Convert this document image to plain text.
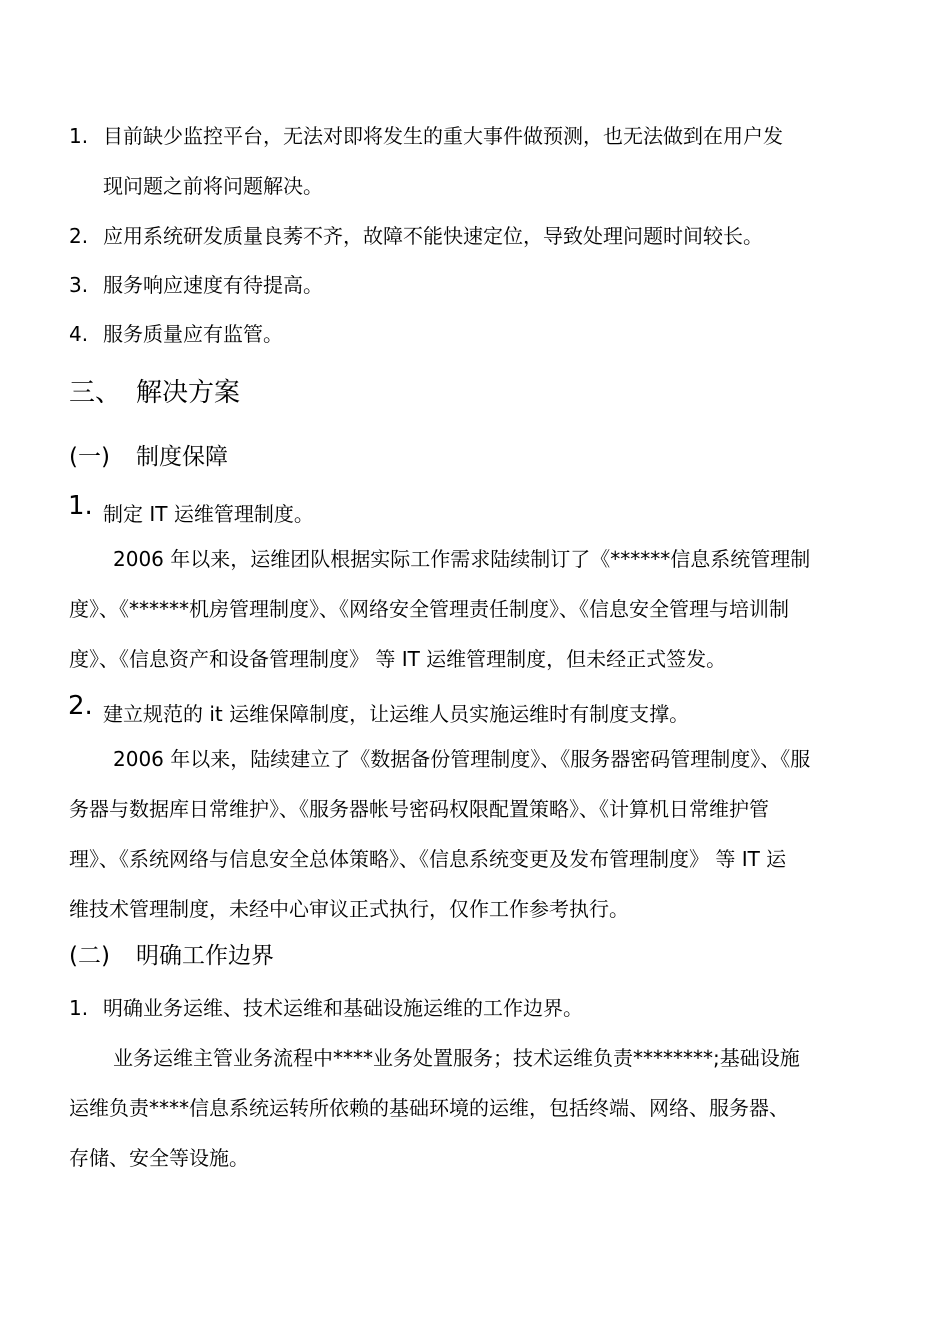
1. 目前缺少监控平台，无法对即将发生的重大事件做预测，也无法做到在用户发
现问题之前将问题解决。
2. 应用系统研发质量良莠不齐，故障不能快速定位，导致处理问题时间较长。
3. 服务响应速度有待提高。
4. 服务质量应有监管。
三、 解决方案
(一) 制度保障
1. 制定 IT 运维管理制度。
2006 年以来，运维团队根据实际工作需求陆续制订了《******信息系统管理制
度》、《******机房管理制度》、《网络安全管理责任制度》、《信息安全管理与培训制
度》、《信息资产和设备管理制度》 等 IT 运维管理制度，但未经正式签发。
2. 建立规范的 it 运维保障制度，让运维人员实施运维时有制度支撑。
2006 年以来，陆续建立了《数据备份管理制度》、《服务器密码管理制度》、《服
务器与数据库日常维护》、《服务器帐号密码权限配置策略》、《计算机日常维护管
理》、《系统网络与信息安全总体策略》、《信息系统变更及发布管理制度》 等 IT 运
维技术管理制度，未经中心审议正式执行，仅作工作参考执行。
(二) 明确工作边界
1. 明确业务运维、技术运维和基础设施运维的工作边界。
业务运维主管业务流程中****业务处置服务；技术运维负责********;基础设施
运维负责****信息系统运转所依赖的基础环境的运维，包括终端、网络、服务器、
存储、安全等设施。
